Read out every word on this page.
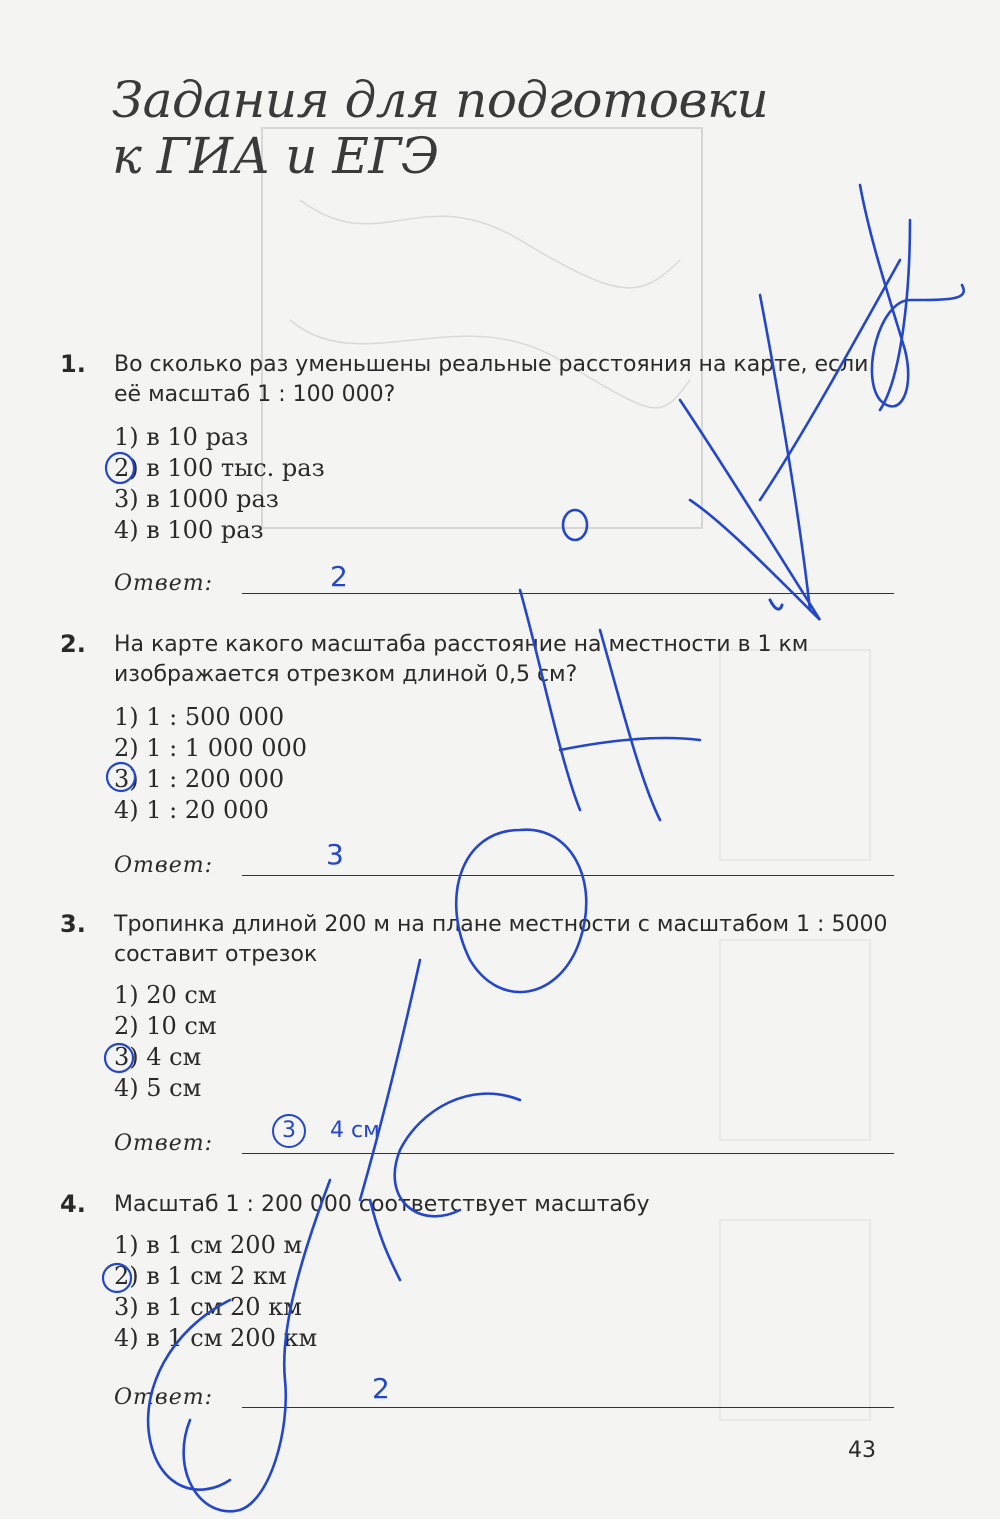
Задания для подготовки
к ГИА и ЕГЭ
1. Во сколько раз уменьшены реальные расстояния на карте, если её масштаб 1 : 100 000?
1) в 10 раз
2) в 100 тыс. раз
3) в 1000 раз
4) в 100 раз
Ответ:
2. На карте какого масштаба расстояние на местности в 1 км изображается отрезком длиной 0,5 см?
1) 1 : 500 000
2) 1 : 1 000 000
3) 1 : 200 000
4) 1 : 20 000
Ответ:
3. Тропинка длиной 200 м на плане местности с масштабом 1 : 5000 составит отрезок
1) 20 см
2) 10 см
3) 4 см
4) 5 см
Ответ:
4. Масштаб 1 : 200 000 соответствует масштабу
1) в 1 см 200 м
2) в 1 см 2 км
3) в 1 см 20 км
4) в 1 см 200 км
Ответ:
2
3
3	4 см
2
43
